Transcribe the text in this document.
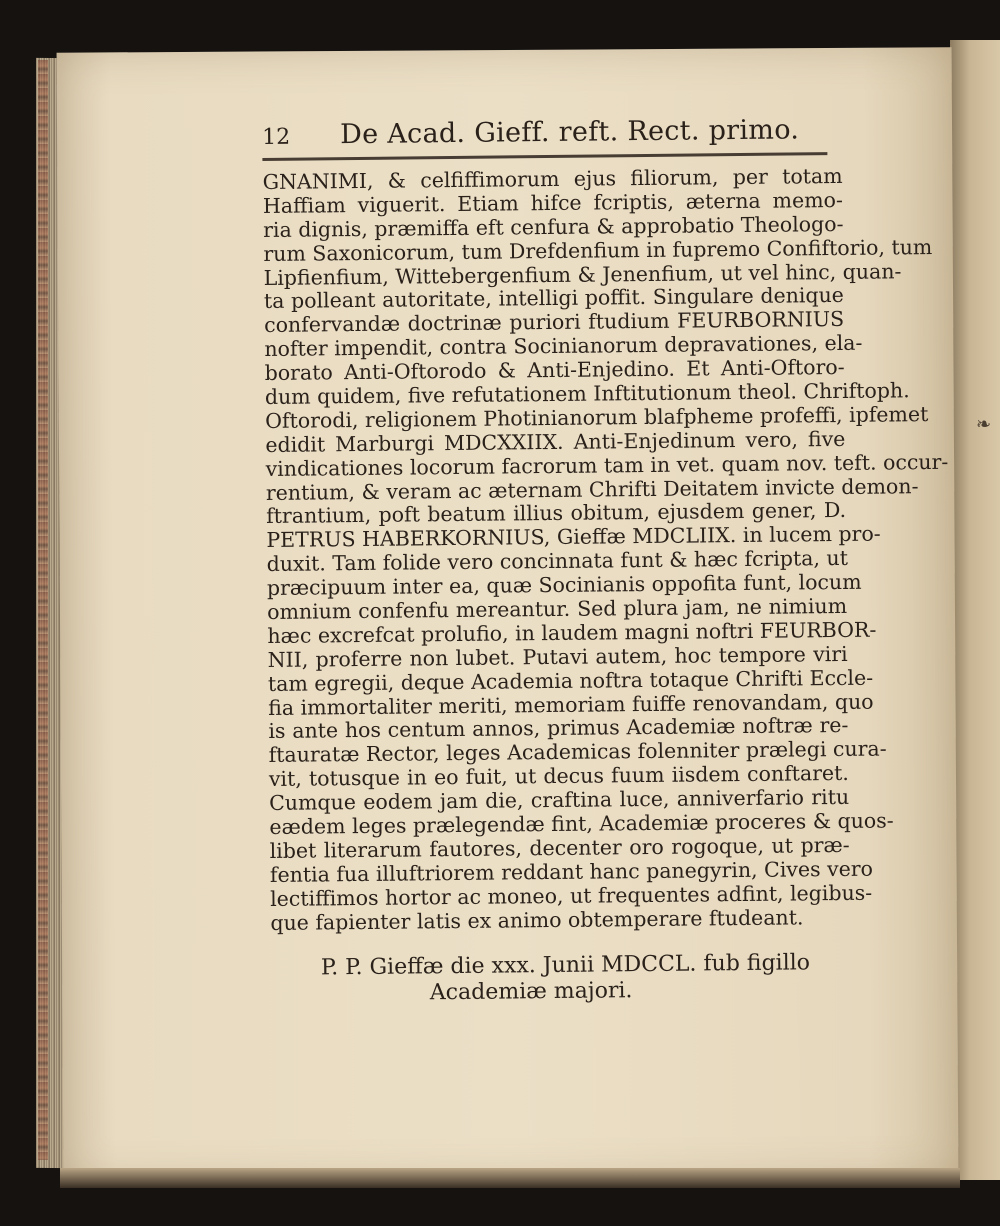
❧
12 De Acad. Gieff. reft. Rect. primo.
GNANIMI, & celfiffimorum ejus filiorum, per totam
Haffiam viguerit. Etiam hifce fcriptis, æterna memo-
ria dignis, præmiffa eft cenfura & approbatio Theologo-
rum Saxonicorum, tum Drefdenfium in fupremo Confiftorio, tum
Lipfienfium, Wittebergenfium & Jenenfium, ut vel hinc, quan-
ta polleant autoritate, intelligi poffit. Singulare denique
confervandæ doctrinæ puriori ftudium FEURBORNIUS
nofter impendit, contra Socinianorum depravationes, ela-
borato Anti-Oftorodo & Anti-Enjedino. Et Anti-Oftoro-
dum quidem, five refutationem Inftitutionum theol. Chriftoph.
Oftorodi, religionem Photinianorum blafpheme profeffi, ipfemet
edidit Marburgi MDCXXIIX. Anti-Enjedinum vero, five
vindicationes locorum facrorum tam in vet. quam nov. teft. occur-
rentium, & veram ac æternam Chrifti Deitatem invicte demon-
ftrantium, poft beatum illius obitum, ejusdem gener, D.
PETRUS HABERKORNIUS, Gieffæ MDCLIIX. in lucem pro-
duxit. Tam folide vero concinnata funt & hæc fcripta, ut
præcipuum inter ea, quæ Socinianis oppofita funt, locum
omnium confenfu mereantur. Sed plura jam, ne nimium
hæc excrefcat prolufio, in laudem magni noftri FEURBOR-
NII, proferre non lubet. Putavi autem, hoc tempore viri
tam egregii, deque Academia noftra totaque Chrifti Eccle-
fia immortaliter meriti, memoriam fuiffe renovandam, quo
is ante hos centum annos, primus Academiæ noftræ re-
ftauratæ Rector, leges Academicas folenniter prælegi cura-
vit, totusque in eo fuit, ut decus fuum iisdem conftaret.
Cumque eodem jam die, craftina luce, anniverfario ritu
eædem leges prælegendæ fint, Academiæ proceres & quos-
libet literarum fautores, decenter oro rogoque, ut præ-
fentia fua illuftriorem reddant hanc panegyrin, Cives vero
lectiffimos hortor ac moneo, ut frequentes adfint, legibus-
que fapienter latis ex animo obtemperare ftudeant.
P. P. Gieffæ die xxx. Junii MDCCL. fub figillo
Academiæ majori.
